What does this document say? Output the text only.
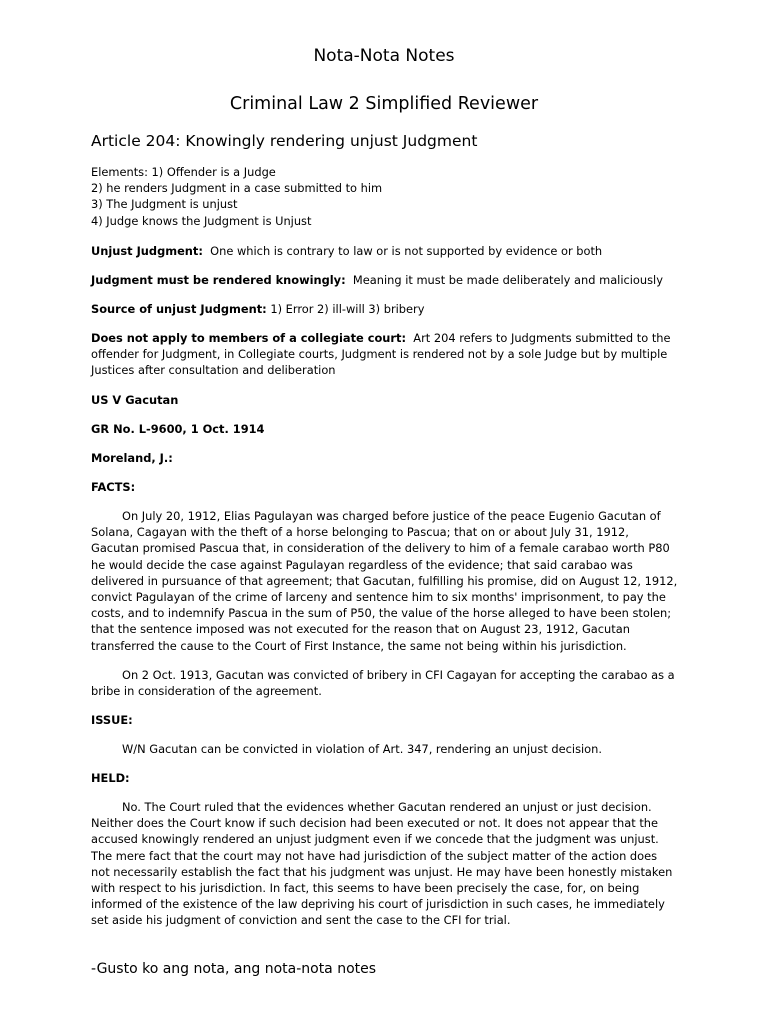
Nota-Nota Notes
Criminal Law 2 Simplified Reviewer
Article 204: Knowingly rendering unjust Judgment
Elements: 1) Offender is a Judge
2) he renders Judgment in a case submitted to him
3) The Judgment is unjust
4) Judge knows the Judgment is Unjust
Unjust Judgment: One which is contrary to law or is not supported by evidence or both
Judgment must be rendered knowingly: Meaning it must be made deliberately and maliciously
Source of unjust Judgment: 1) Error 2) ill-will 3) bribery
Does not apply to members of a collegiate court: Art 204 refers to Judgments submitted to the
offender for Judgment, in Collegiate courts, Judgment is rendered not by a sole Judge but by multiple
Justices after consultation and deliberation
US V Gacutan
GR No. L-9600, 1 Oct. 1914
Moreland, J.:
FACTS:
On July 20, 1912, Elias Pagulayan was charged before justice of the peace Eugenio Gacutan of
Solana, Cagayan with the theft of a horse belonging to Pascua; that on or about July 31, 1912,
Gacutan promised Pascua that, in consideration of the delivery to him of a female carabao worth P80
he would decide the case against Pagulayan regardless of the evidence; that said carabao was
delivered in pursuance of that agreement; that Gacutan, fulfilling his promise, did on August 12, 1912,
convict Pagulayan of the crime of larceny and sentence him to six months' imprisonment, to pay the
costs, and to indemnify Pascua in the sum of P50, the value of the horse alleged to have been stolen;
that the sentence imposed was not executed for the reason that on August 23, 1912, Gacutan
transferred the cause to the Court of First Instance, the same not being within his jurisdiction.
On 2 Oct. 1913, Gacutan was convicted of bribery in CFI Cagayan for accepting the carabao as a
bribe in consideration of the agreement.
ISSUE:
W/N Gacutan can be convicted in violation of Art. 347, rendering an unjust decision.
HELD:
No. The Court ruled that the evidences whether Gacutan rendered an unjust or just decision.
Neither does the Court know if such decision had been executed or not. It does not appear that the
accused knowingly rendered an unjust judgment even if we concede that the judgment was unjust.
The mere fact that the court may not have had jurisdiction of the subject matter of the action does
not necessarily establish the fact that his judgment was unjust. He may have been honestly mistaken
with respect to his jurisdiction. In fact, this seems to have been precisely the case, for, on being
informed of the existence of the law depriving his court of jurisdiction in such cases, he immediately
set aside his judgment of conviction and sent the case to the CFI for trial.
-Gusto ko ang nota, ang nota-nota notes
